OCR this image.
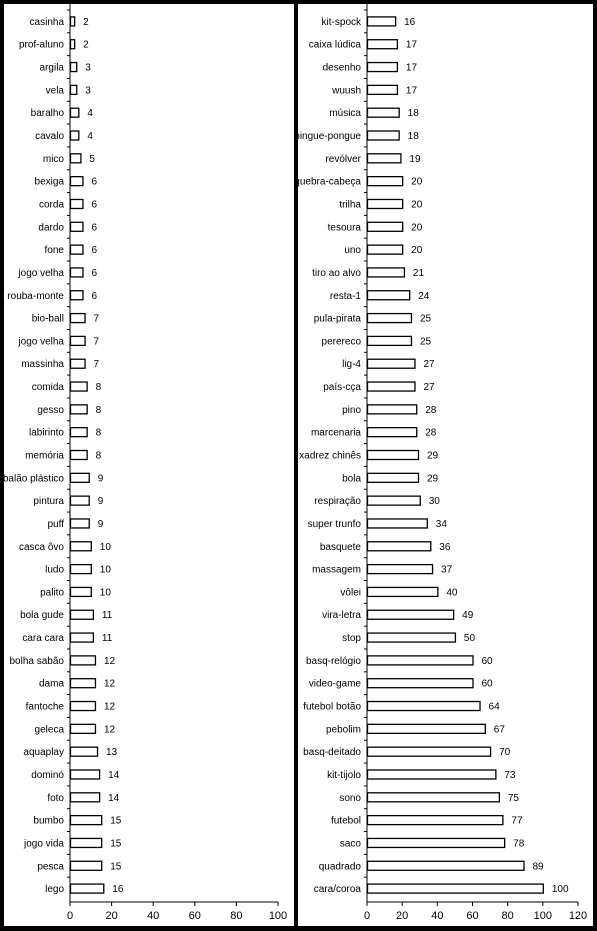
casinha 2
prof-aluno 2
argila 3
vela 3
baralho 4
cavalo 4
mico	5
bexiga	6
corda	6
dardo	6
fone	6
jogo velha	6
rouba-monte	6
bio-ball	7
jogo velha	7
massinha	7
comida	8
gesso	8
labirinto	8
memória	8
balão plástico	9
pintura	9
puff	9
casca ôvo	10
ludo	10
palito	10
bola gude	11
cara cara	11
bolha sabão	12
dama	12
fantoche	12
geleca	12
aquaplay	13
dominó	14
foto	14
bumbo	15
jogo vida	15
pesca	15
lego	16
0	20	40	60	80 100
kit-spock	16
caixa lúdica	17
desenho	17
wuush	17
música	18
pingue-pongue	18
revólver	19
quebra-cabeça	20
trilha	20
tesoura	20
uno	20
tiro ao alvo	21
resta-1	24
pula-pirata	25
perereco	25
lig-4	27
país-cça	27
pino	28
marcenaria	28
xadrez chinês	29
bola	29
respiração	30
super trunfo	34
basquete	36
massagem	37
vôlei	40
vira-letra	49
stop	50
basq-relógio	60
video-game	60
futebol botão	64
pebolim	67
basq-deitado	70
kit-tijolo	73
sono	75
futebol	77
saco	78
quadrado	89
cara/coroa	100
0 20 40 60 80 100 120
